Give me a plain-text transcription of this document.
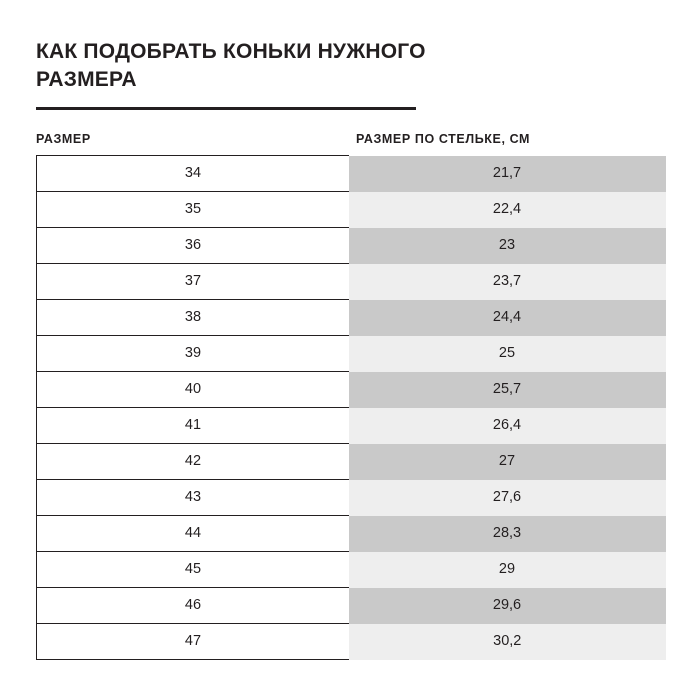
КАК ПОДОБРАТЬ КОНЬКИ НУЖНОГО РАЗМЕРА
РАЗМЕР	РАЗМЕР ПО СТЕЛЬКЕ, СМ
34	21,7

35	22,4

36	23

37	23,7

38	24,4

39	25

40	25,7

41	26,4

42	27

43	27,6

44	28,3

45	29

46	29,6

47	30,2
